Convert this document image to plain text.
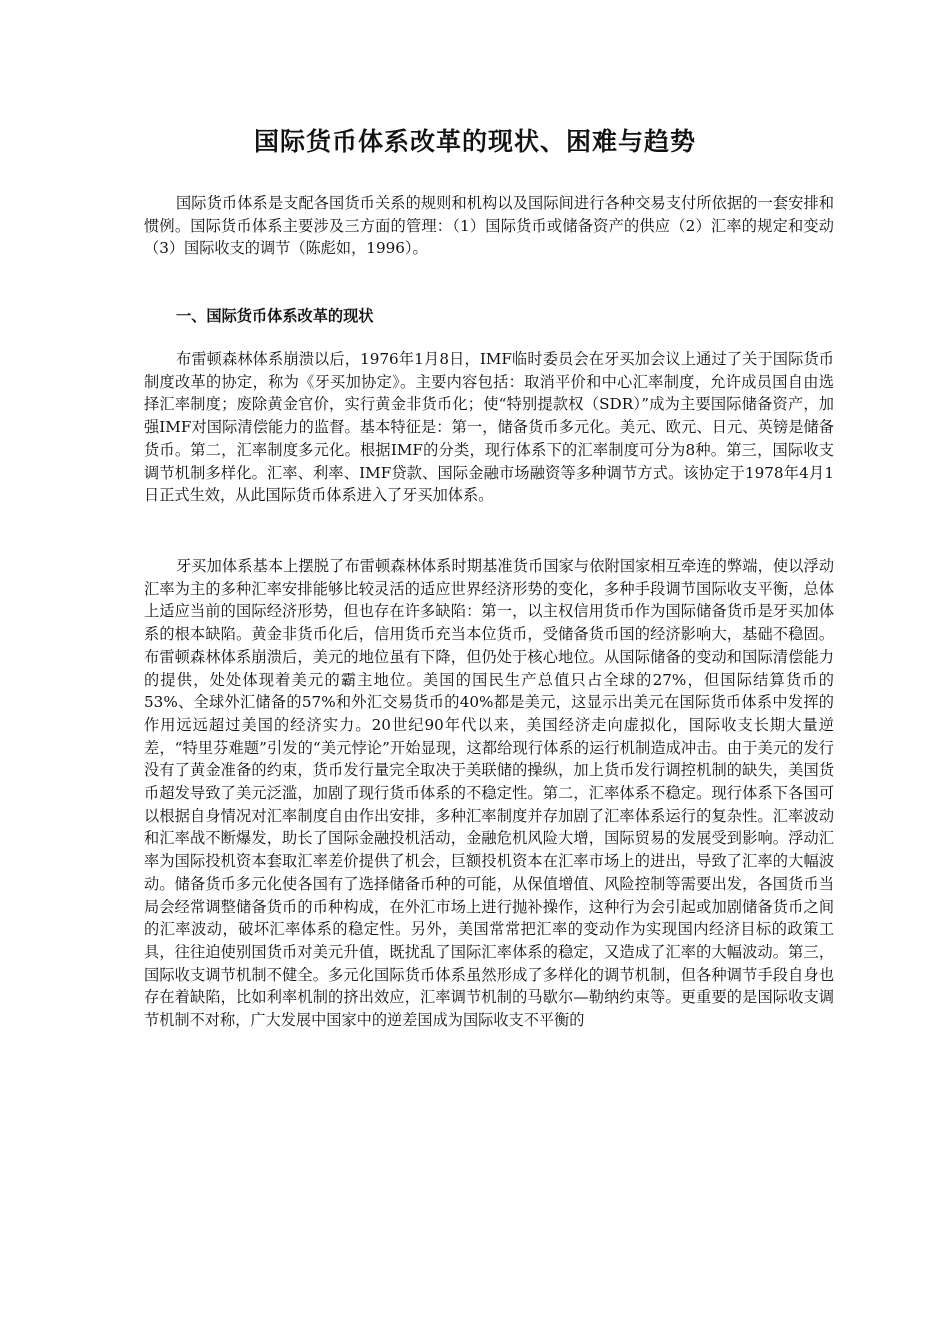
国际货币体系改革的现状、困难与趋势

国际货币体系是支配各国货币关系的规则和机构以及国际间进行各种交易支付所依据的一套安排和惯例。国际货币体系主要涉及三方面的管理：（1）国际货币或储备资产的供应（2）汇率的规定和变动（3）国际收支的调节（陈彪如，1996）。

一、国际货币体系改革的现状

布雷顿森林体系崩溃以后，1976年1月8日，IMF临时委员会在牙买加会议上通过了关于国际货币制度改革的协定，称为《牙买加协定》。主要内容包括：取消平价和中心汇率制度，允许成员国自由选择汇率制度；废除黄金官价，实行黄金非货币化；使“特别提款权（SDR）”成为主要国际储备资产，加强IMF对国际清偿能力的监督。基本特征是：第一，储备货币多元化。美元、欧元、日元、英镑是储备货币。第二，汇率制度多元化。根据IMF的分类，现行体系下的汇率制度可分为8种。第三，国际收支调节机制多样化。汇率、利率、IMF贷款、国际金融市场融资等多种调节方式。该协定于1978年4月1日正式生效，从此国际货币体系进入了牙买加体系。

牙买加体系基本上摆脱了布雷顿森林体系时期基准货币国家与依附国家相互牵连的弊端，使以浮动汇率为主的多种汇率安排能够比较灵活的适应世界经济形势的变化，多种手段调节国际收支平衡，总体上适应当前的国际经济形势，但也存在许多缺陷：第一，以主权信用货币作为国际储备货币是牙买加体系的根本缺陷。黄金非货币化后，信用货币充当本位货币，受储备货币国的经济影响大，基础不稳固。布雷顿森林体系崩溃后，美元的地位虽有下降，但仍处于核心地位。从国际储备的变动和国际清偿能力的提供，处处体现着美元的霸主地位。美国的国民生产总值只占全球的27%，但国际结算货币的53%、全球外汇储备的57%和外汇交易货币的40%都是美元，这显示出美元在国际货币体系中发挥的作用远远超过美国的经济实力。20世纪90年代以来，美国经济走向虚拟化，国际收支长期大量逆差，“特里芬难题”引发的“美元悖论”开始显现，这都给现行体系的运行机制造成冲击。由于美元的发行没有了黄金准备的约束，货币发行量完全取决于美联储的操纵，加上货币发行调控机制的缺失，美国货币超发导致了美元泛滥，加剧了现行货币体系的不稳定性。第二，汇率体系不稳定。现行体系下各国可以根据自身情况对汇率制度自由作出安排，多种汇率制度并存加剧了汇率体系运行的复杂性。汇率波动和汇率战不断爆发，助长了国际金融投机活动，金融危机风险大增，国际贸易的发展受到影响。浮动汇率为国际投机资本套取汇率差价提供了机会，巨额投机资本在汇率市场上的进出，导致了汇率的大幅波动。储备货币多元化使各国有了选择储备币种的可能，从保值增值、风险控制等需要出发，各国货币当局会经常调整储备货币的币种构成，在外汇市场上进行抛补操作，这种行为会引起或加剧储备货币之间的汇率波动，破坏汇率体系的稳定性。另外，美国常常把汇率的变动作为实现国内经济目标的政策工具，往往迫使别国货币对美元升值，既扰乱了国际汇率体系的稳定，又造成了汇率的大幅波动。第三，国际收支调节机制不健全。多元化国际货币体系虽然形成了多样化的调节机制，但各种调节手段自身也存在着缺陷，比如利率机制的挤出效应，汇率调节机制的马歇尔—勒纳约束等。更重要的是国际收支调节机制不对称，广大发展中国家中的逆差国成为国际收支不平衡的
